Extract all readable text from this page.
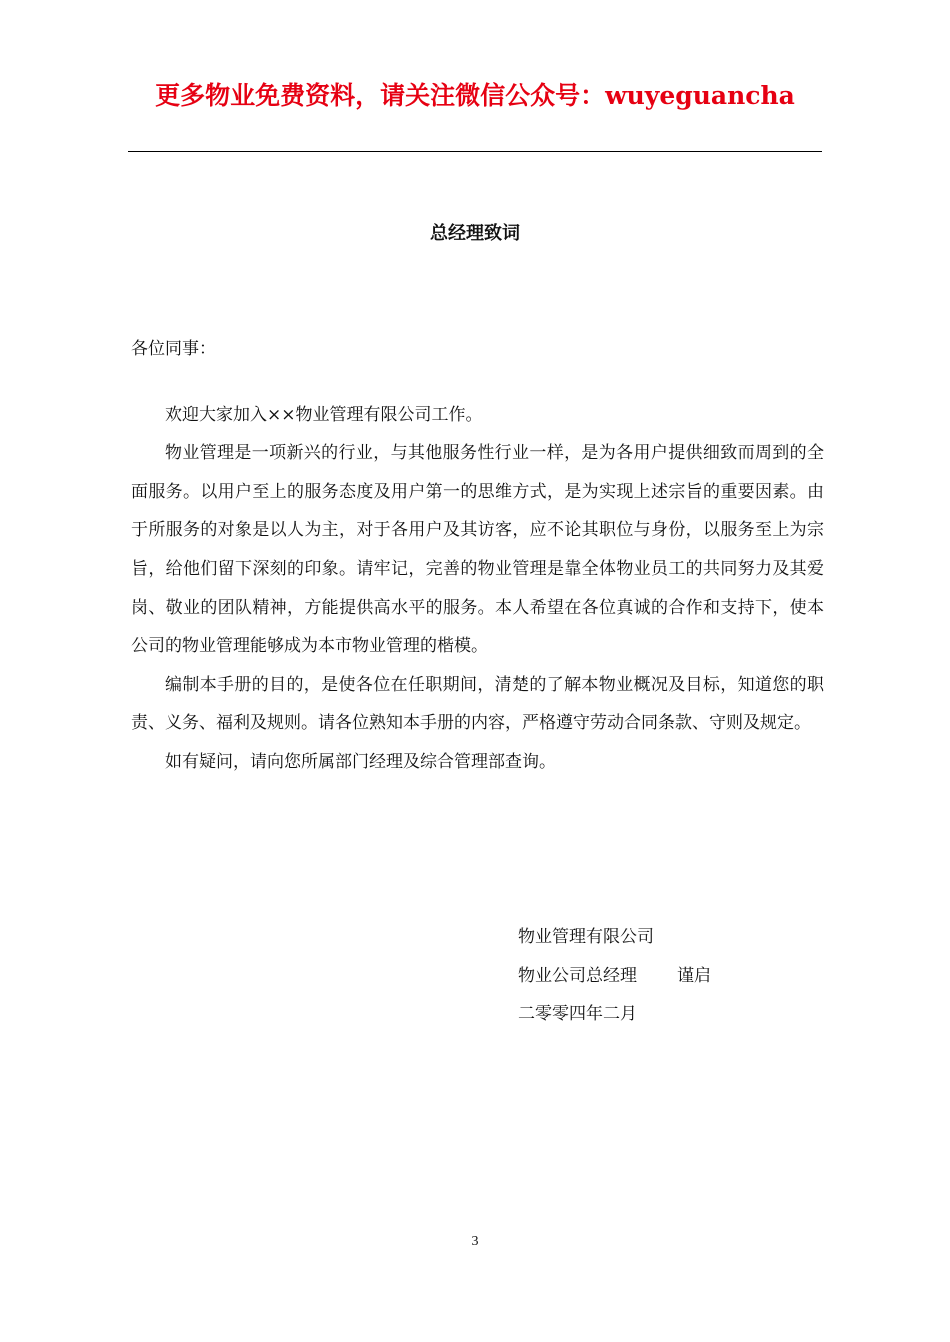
更多物业免费资料，请关注微信公众号：wuyeguancha
总经理致词

各位同事：

欢迎大家加入××物业管理有限公司工作。

物业管理是一项新兴的行业，与其他服务性行业一样，是为各用户提供细致而周到的全面服务。以用户至上的服务态度及用户第一的思维方式，是为实现上述宗旨的重要因素。由于所服务的对象是以人为主，对于各用户及其访客，应不论其职位与身份，以服务至上为宗旨，给他们留下深刻的印象。请牢记，完善的物业管理是靠全体物业员工的共同努力及其爱岗、敬业的团队精神，方能提供高水平的服务。本人希望在各位真诚的合作和支持下，使本公司的物业管理能够成为本市物业管理的楷模。

编制本手册的目的，是使各位在任职期间，清楚的了解本物业概况及目标，知道您的职责、义务、福利及规则。请各位熟知本手册的内容，严格遵守劳动合同条款、守则及规定。

如有疑问，请向您所属部门经理及综合管理部查询。

物业管理有限公司
物业公司总经理 谨启
二零零四年二月
3
